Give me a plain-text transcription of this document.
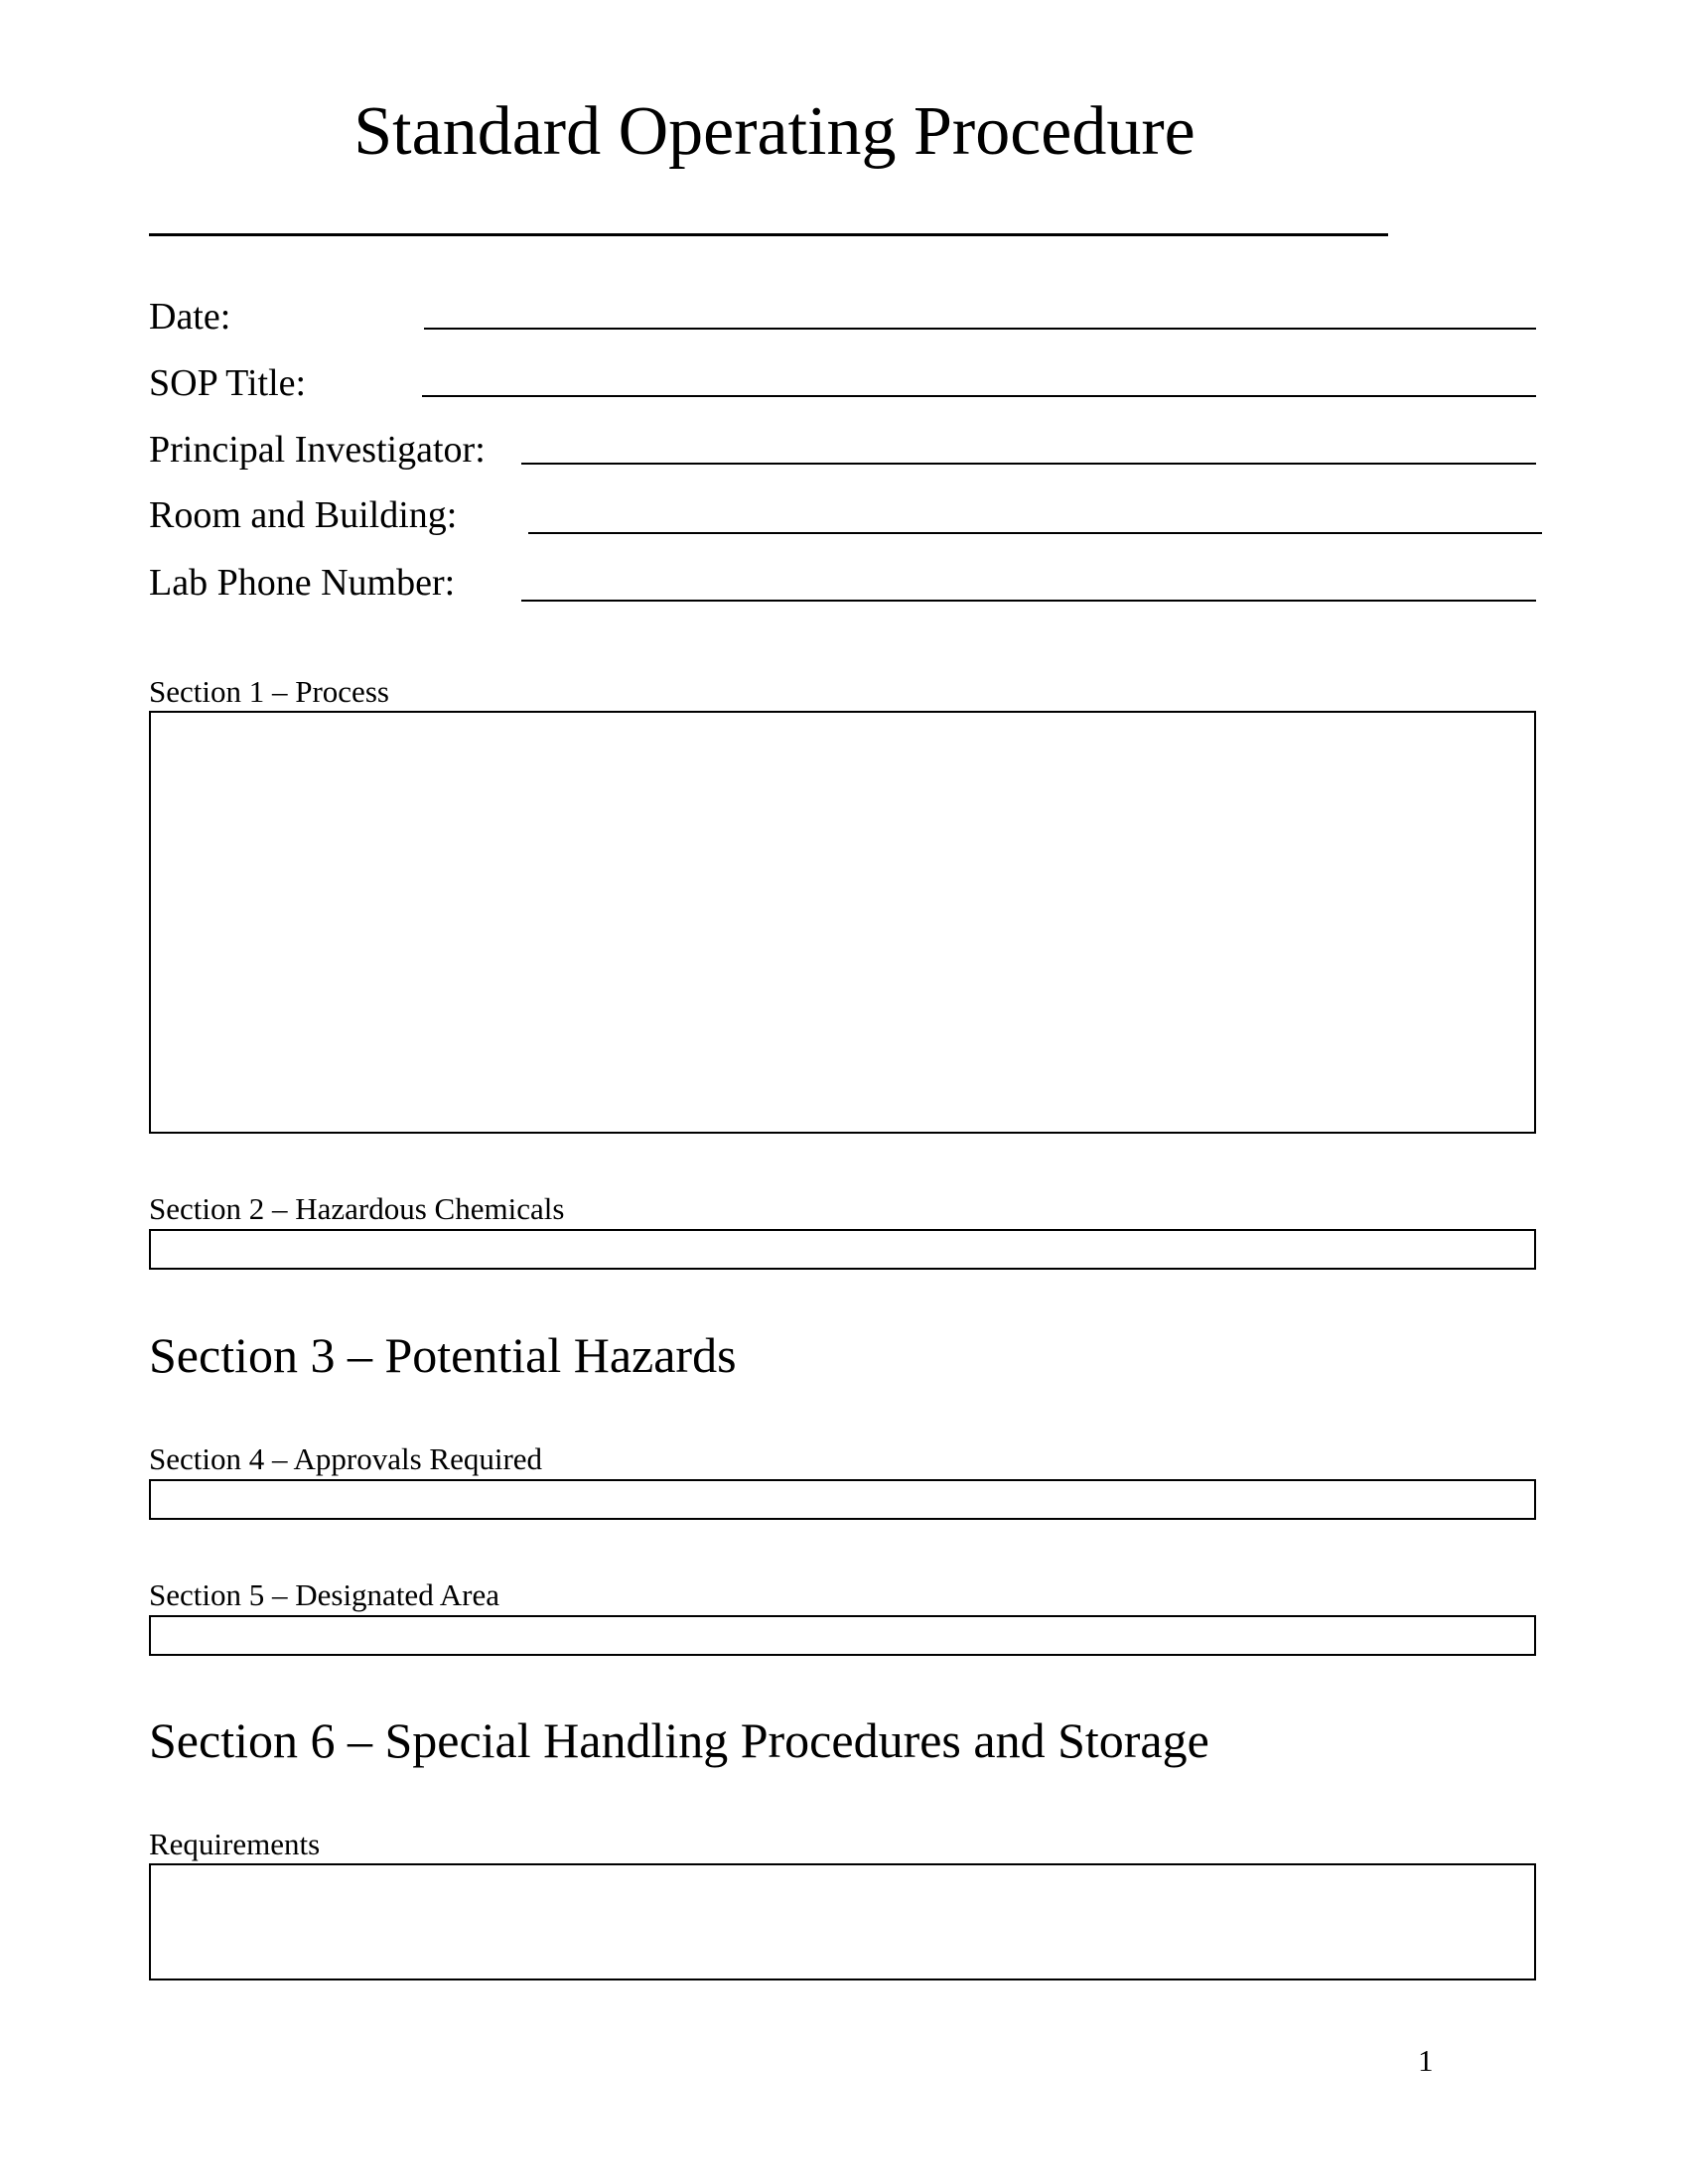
Standard Operating Procedure
Date:
SOP Title:
Principal Investigator:
Room and Building:
Lab Phone Number:
Section 1 – Process
Section 2 – Hazardous Chemicals
Section 3 – Potential Hazards
Section 4 – Approvals Required
Section 5 – Designated Area
Section 6 – Special Handling Procedures and Storage
Requirements
1
